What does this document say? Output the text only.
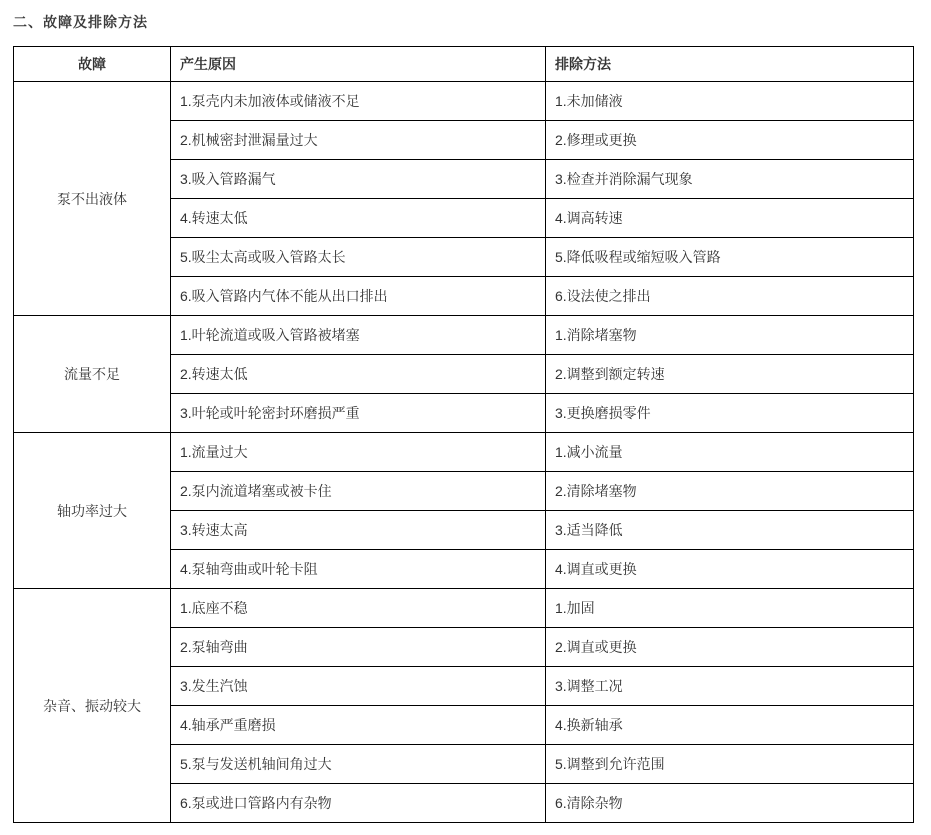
二、故障及排除方法
故障	产生原因	排除方法
泵不出液体	1.泵壳内未加液体或储液不足	1.未加储液
	2.机械密封泄漏量过大	2.修理或更换
	3.吸入管路漏气	3.检查并消除漏气现象
	4.转速太低	4.调高转速
	5.吸尘太高或吸入管路太长	5.降低吸程或缩短吸入管路
	6.吸入管路内气体不能从出口排出	6.设法使之排出
流量不足	1.叶轮流道或吸入管路被堵塞	1.消除堵塞物
	2.转速太低	2.调整到额定转速
	3.叶轮或叶轮密封环磨损严重	3.更换磨损零件
轴功率过大	1.流量过大	1.减小流量
	2.泵内流道堵塞或被卡住	2.清除堵塞物
	3.转速太高	3.适当降低
	4.泵轴弯曲或叶轮卡阻	4.调直或更换
杂音、振动较大	1.底座不稳	1.加固
	2.泵轴弯曲	2.调直或更换
	3.发生汽蚀	3.调整工况
	4.轴承严重磨损	4.换新轴承
	5.泵与发送机轴间角过大	5.调整到允许范围
	6.泵或进口管路内有杂物	6.清除杂物
